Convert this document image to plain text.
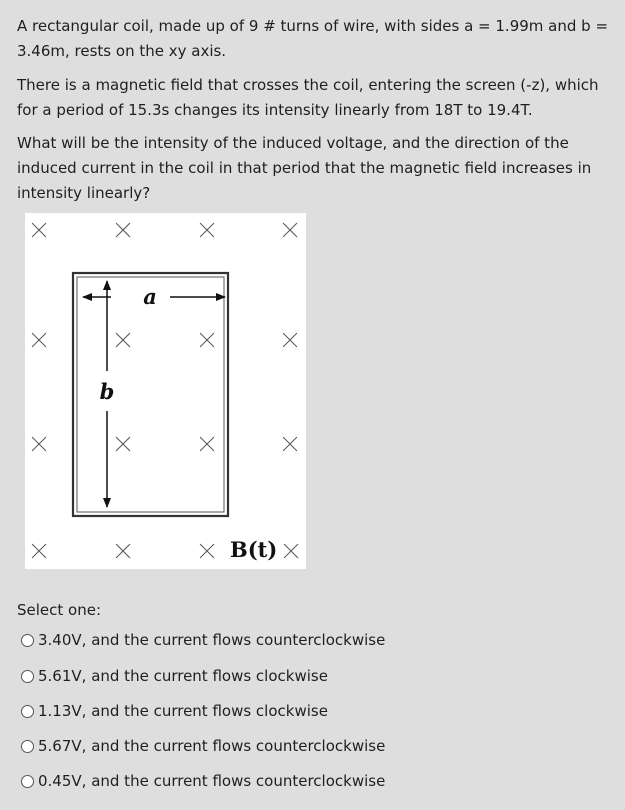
A rectangular coil, made up of 9 # turns of wire, with sides a = 1.99m and b = 3.46m, rests on the xy axis.

There is a magnetic field that crosses the coil, entering the screen (-z), which for a period of 15.3s changes its intensity linearly from 18T to 19.4T.

What will be the intensity of the induced voltage, and the direction of the induced current in the coil in that period that the magnetic field increases in intensity linearly?

a
b
B(t)

Select one:

3.40V, and the current flows counterclockwise
5.61V, and the current flows clockwise
1.13V, and the current flows clockwise
5.67V, and the current flows counterclockwise
0.45V, and the current flows counterclockwise
